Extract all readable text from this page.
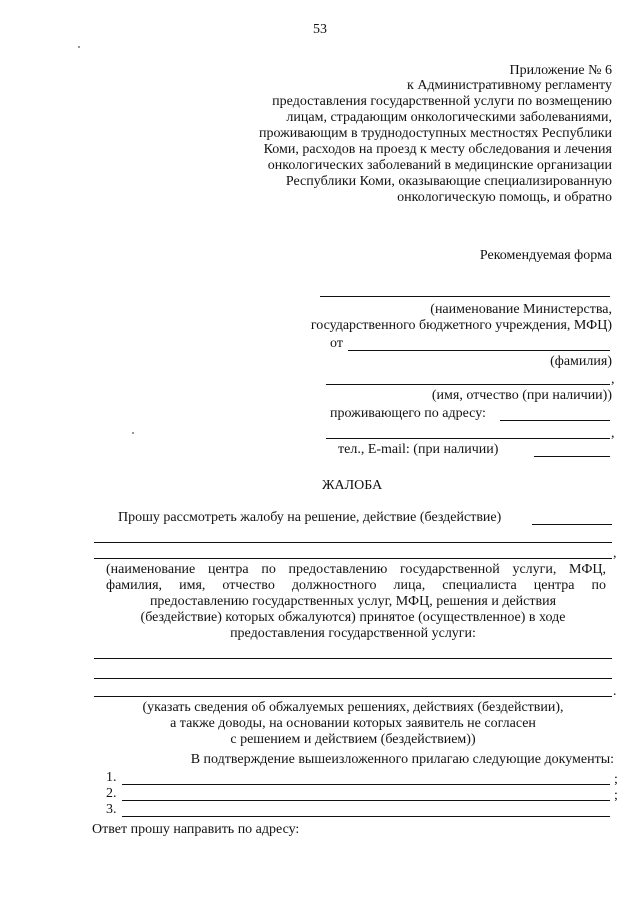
53
Приложение № 6
к Административному регламенту
предоставления государственной услуги по возмещению
лицам, страдающим онкологическими заболеваниями,
проживающим в труднодоступных местностях Республики
Коми, расходов на проезд к месту обследования и лечения
онкологических заболеваний в медицинские организации
Республики Коми, оказывающие специализированную
онкологическую помощь, и обратно
Рекомендуемая форма
(наименование Министерства,
государственного бюджетного учреждения, МФЦ)
от
(фамилия)
,
(имя, отчество (при наличии))
проживающего по адресу:
,
тел., E-mail: (при наличии)
ЖАЛОБА
Прошу рассмотреть жалобу на решение, действие (бездействие)
,
(наименование центра по предоставлению государственной услуги, МФЦ,
фамилия, имя, отчество должностного лица, специалиста центра по
предоставлению государственных услуг, МФЦ, решения и действия
(бездействие) которых обжалуются) принятое (осуществленное) в ходе
предоставления государственной услуги:
.
(указать сведения об обжалуемых решениях, действиях (бездействии),
а также доводы, на основании которых заявитель не согласен
с решением и действием (бездействием))
В подтверждение вышеизложенного прилагаю следующие документы:
1.	;
2.	;
3.
Ответ прошу направить по адресу:
